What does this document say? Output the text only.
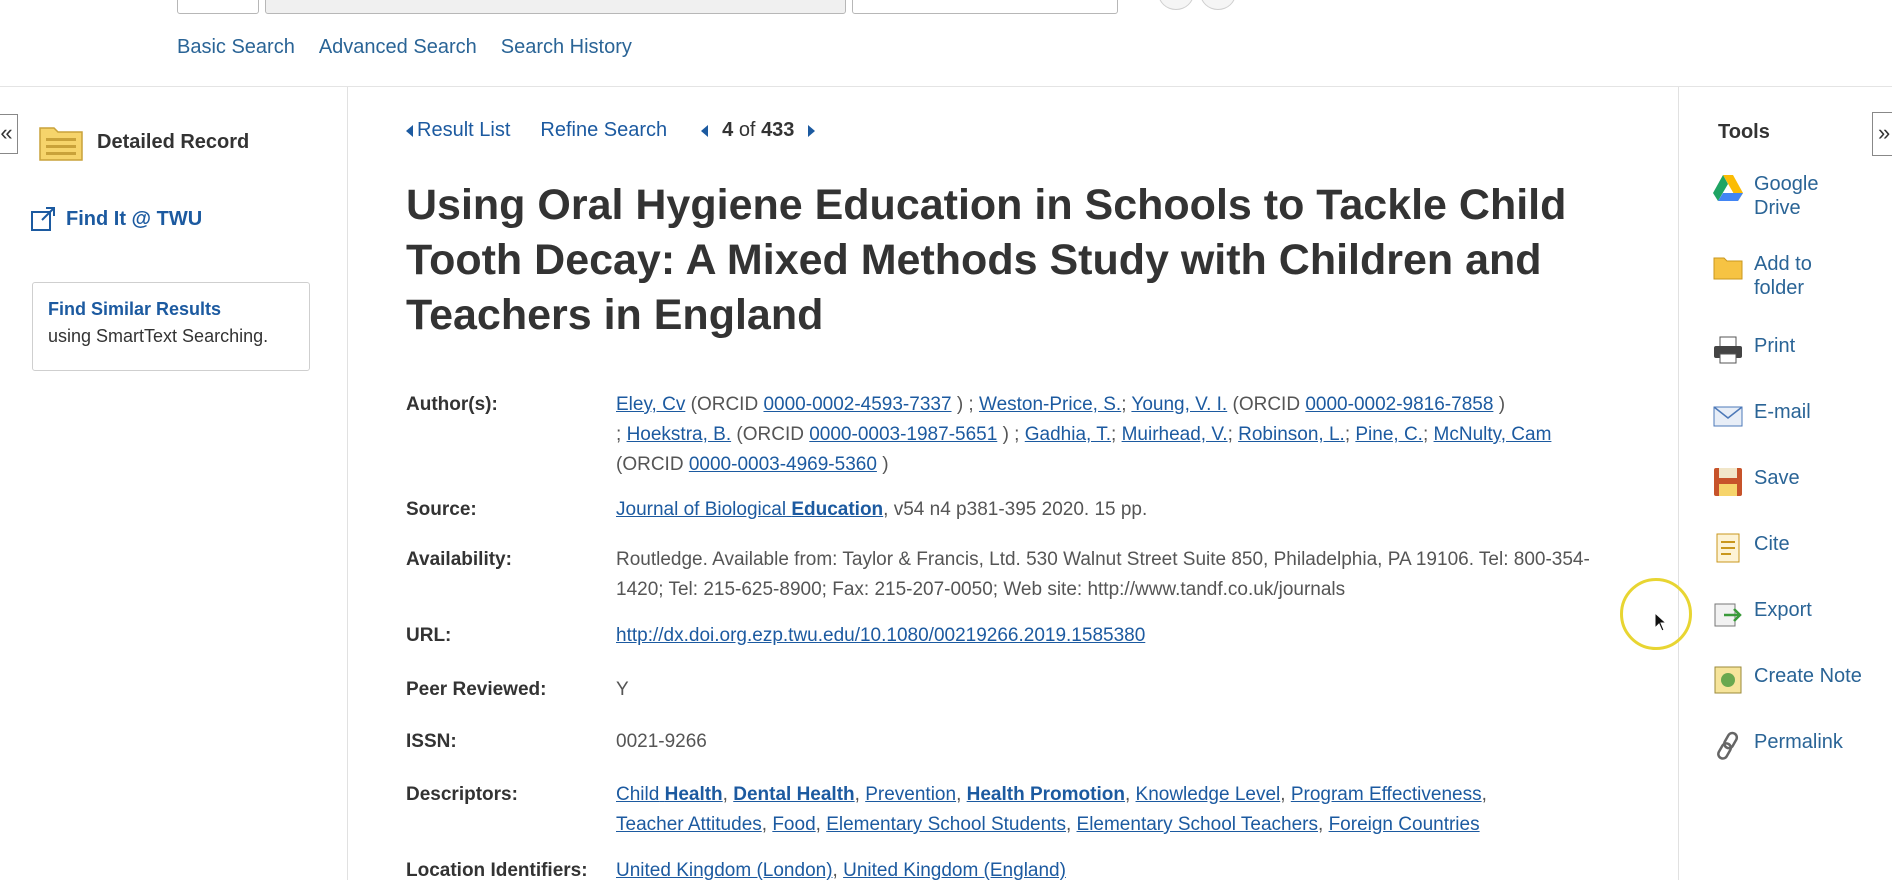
Basic Search Advanced Search Search History
«	Detailed Record
Find It @ TWU
Find Similar Results
using SmartText Searching.
Result List Refine Search	4 of 433
Using Oral Hygiene Education in Schools to Tackle Child Tooth Decay: A Mixed Methods Study with Children and Teachers in England
Author(s):	Eley, Cv (ORCID 0000-0002-4593-7337 ) ; Weston-Price, S.; Young, V. I. (ORCID 0000-0002-9816-7858 )
; Hoekstra, B. (ORCID 0000-0003-1987-5651 ) ; Gadhia, T.; Muirhead, V.; Robinson, L.; Pine, C.; McNulty, Cam
(ORCID 0000-0003-4969-5360 )
Source:	Journal of Biological Education, v54 n4 p381-395 2020. 15 pp.
Availability:	Routledge. Available from: Taylor & Francis, Ltd. 530 Walnut Street Suite 850, Philadelphia, PA 19106. Tel: 800-354-1420; Tel: 215-625-8900; Fax: 215-207-0050; Web site: http://www.tandf.co.uk/journals
URL:	http://dx.doi.org.ezp.twu.edu/10.1080/00219266.2019.1585380
Peer Reviewed:	Y
ISSN:	0021-9266
Descriptors:	Child Health, Dental Health, Prevention, Health Promotion, Knowledge Level, Program Effectiveness,
Teacher Attitudes, Food, Elementary School Students, Elementary School Teachers, Foreign Countries
Location Identifiers:	United Kingdom (London), United Kingdom (England)
Tools	»
Google Drive
Add to folder
Print
E-mail
Save
Cite
Export
Create Note
Permalink
